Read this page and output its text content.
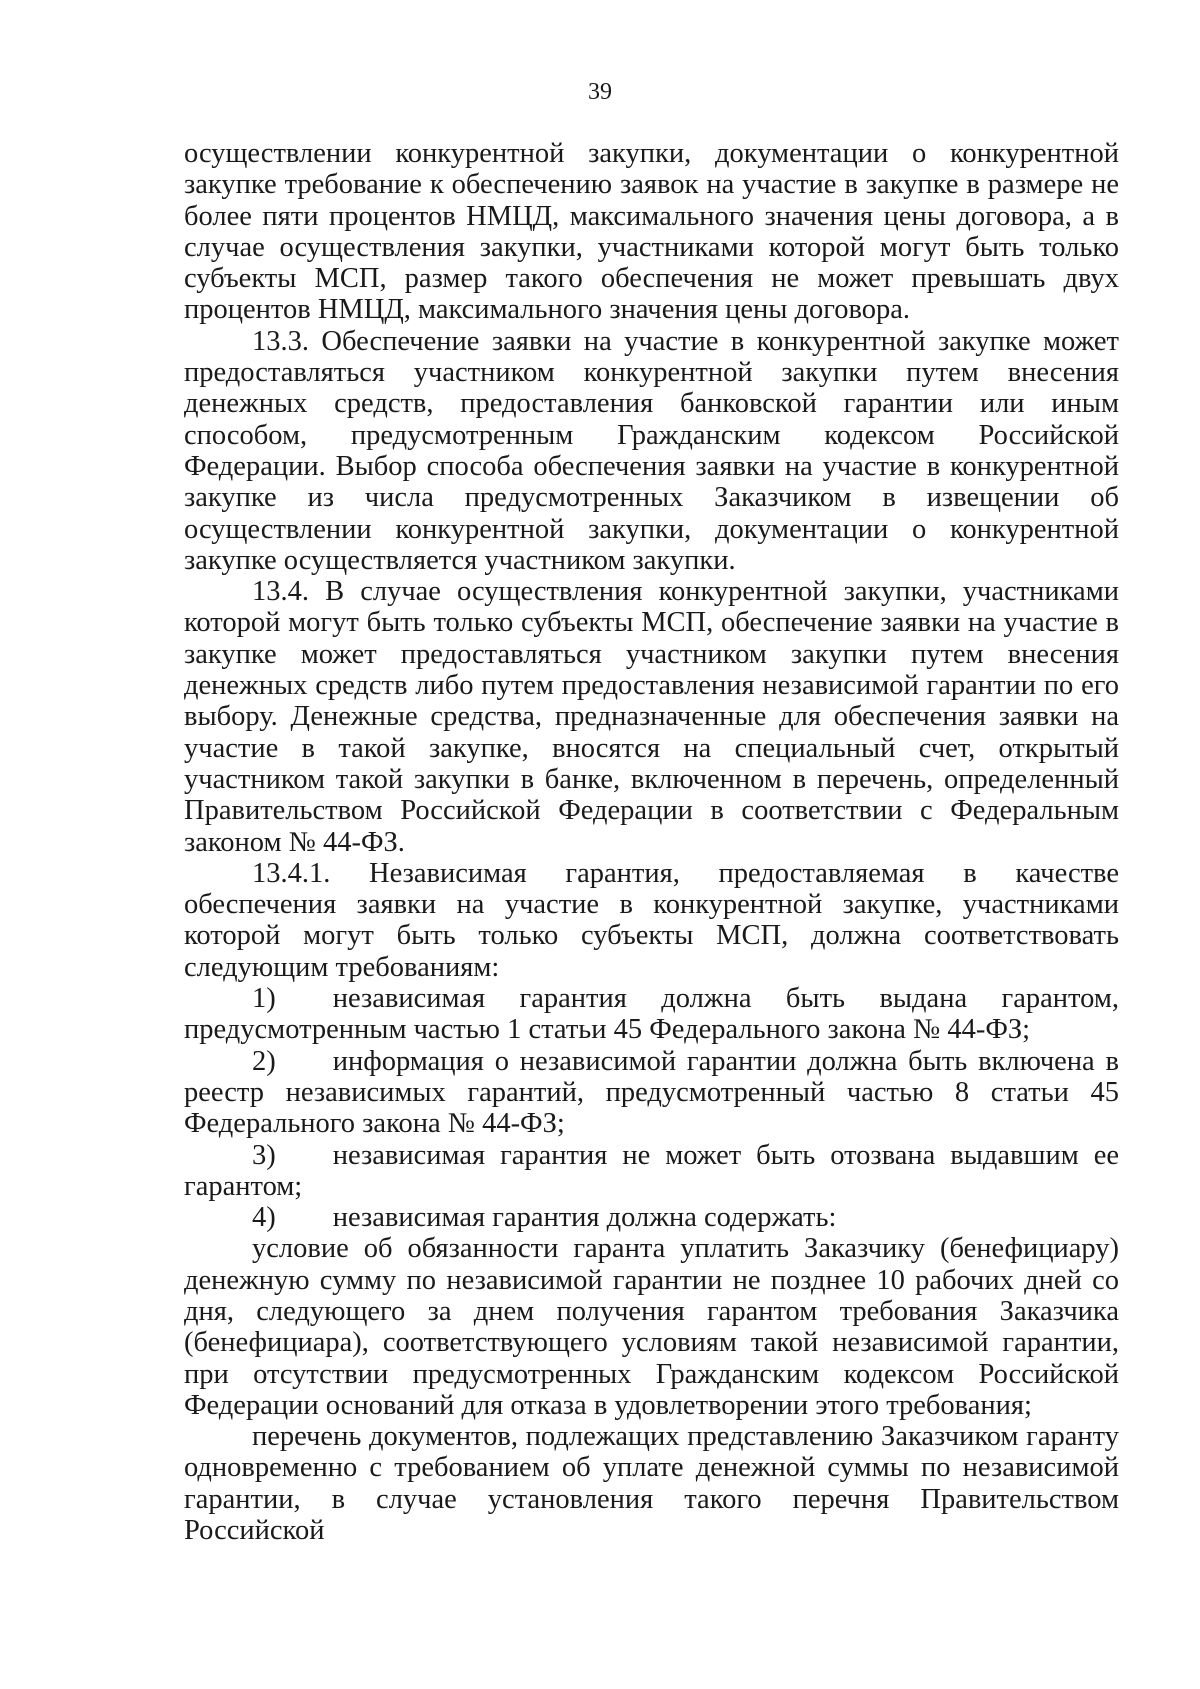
39

осуществлении конкурентной закупки, документации о конкурентной закупке требование к обеспечению заявок на участие в закупке в размере не более пяти процентов НМЦД, максимального значения цены договора, а в случае осуществления закупки, участниками которой могут быть только субъекты МСП, размер такого обеспечения не может превышать двух процентов НМЦД, максимального значения цены договора.

13.3. Обеспечение заявки на участие в конкурентной закупке может предоставляться участником конкурентной закупки путем внесения денежных средств, предоставления банковской гарантии или иным способом, предусмотренным Гражданским кодексом Российской Федерации. Выбор способа обеспечения заявки на участие в конкурентной закупке из числа предусмотренных Заказчиком в извещении об осуществлении конкурентной закупки, документации о конкурентной закупке осуществляется участником закупки.

13.4. В случае осуществления конкурентной закупки, участниками которой могут быть только субъекты МСП, обеспечение заявки на участие в закупке может предоставляться участником закупки путем внесения денежных средств либо путем предоставления независимой гарантии по его выбору. Денежные средства, предназначенные для обеспечения заявки на участие в такой закупке, вносятся на специальный счет, открытый участником такой закупки в банке, включенном в перечень, определенный Правительством Российской Федерации в соответствии с Федеральным законом № 44-ФЗ.

13.4.1. Независимая гарантия, предоставляемая в качестве обеспечения заявки на участие в конкурентной закупке, участниками которой могут быть только субъекты МСП, должна соответствовать следующим требованиям:

1)  независимая гарантия должна быть выдана гарантом, предусмотренным частью 1 статьи 45 Федерального закона № 44-ФЗ;

2)  информация о независимой гарантии должна быть включена в реестр независимых гарантий, предусмотренный частью 8 статьи 45 Федерального закона № 44-ФЗ;

3)  независимая гарантия не может быть отозвана выдавшим ее гарантом;

4)  независимая гарантия должна содержать:

условие об обязанности гаранта уплатить Заказчику (бенефициару) денежную сумму по независимой гарантии не позднее 10 рабочих дней со дня, следующего за днем получения гарантом требования Заказчика (бенефициара), соответствующего условиям такой независимой гарантии, при отсутствии предусмотренных Гражданским кодексом Российской Федерации оснований для отказа в удовлетворении этого требования;

перечень документов, подлежащих представлению Заказчиком гаранту одновременно с требованием об уплате денежной суммы по независимой гарантии, в случае установления такого перечня Правительством Российской
